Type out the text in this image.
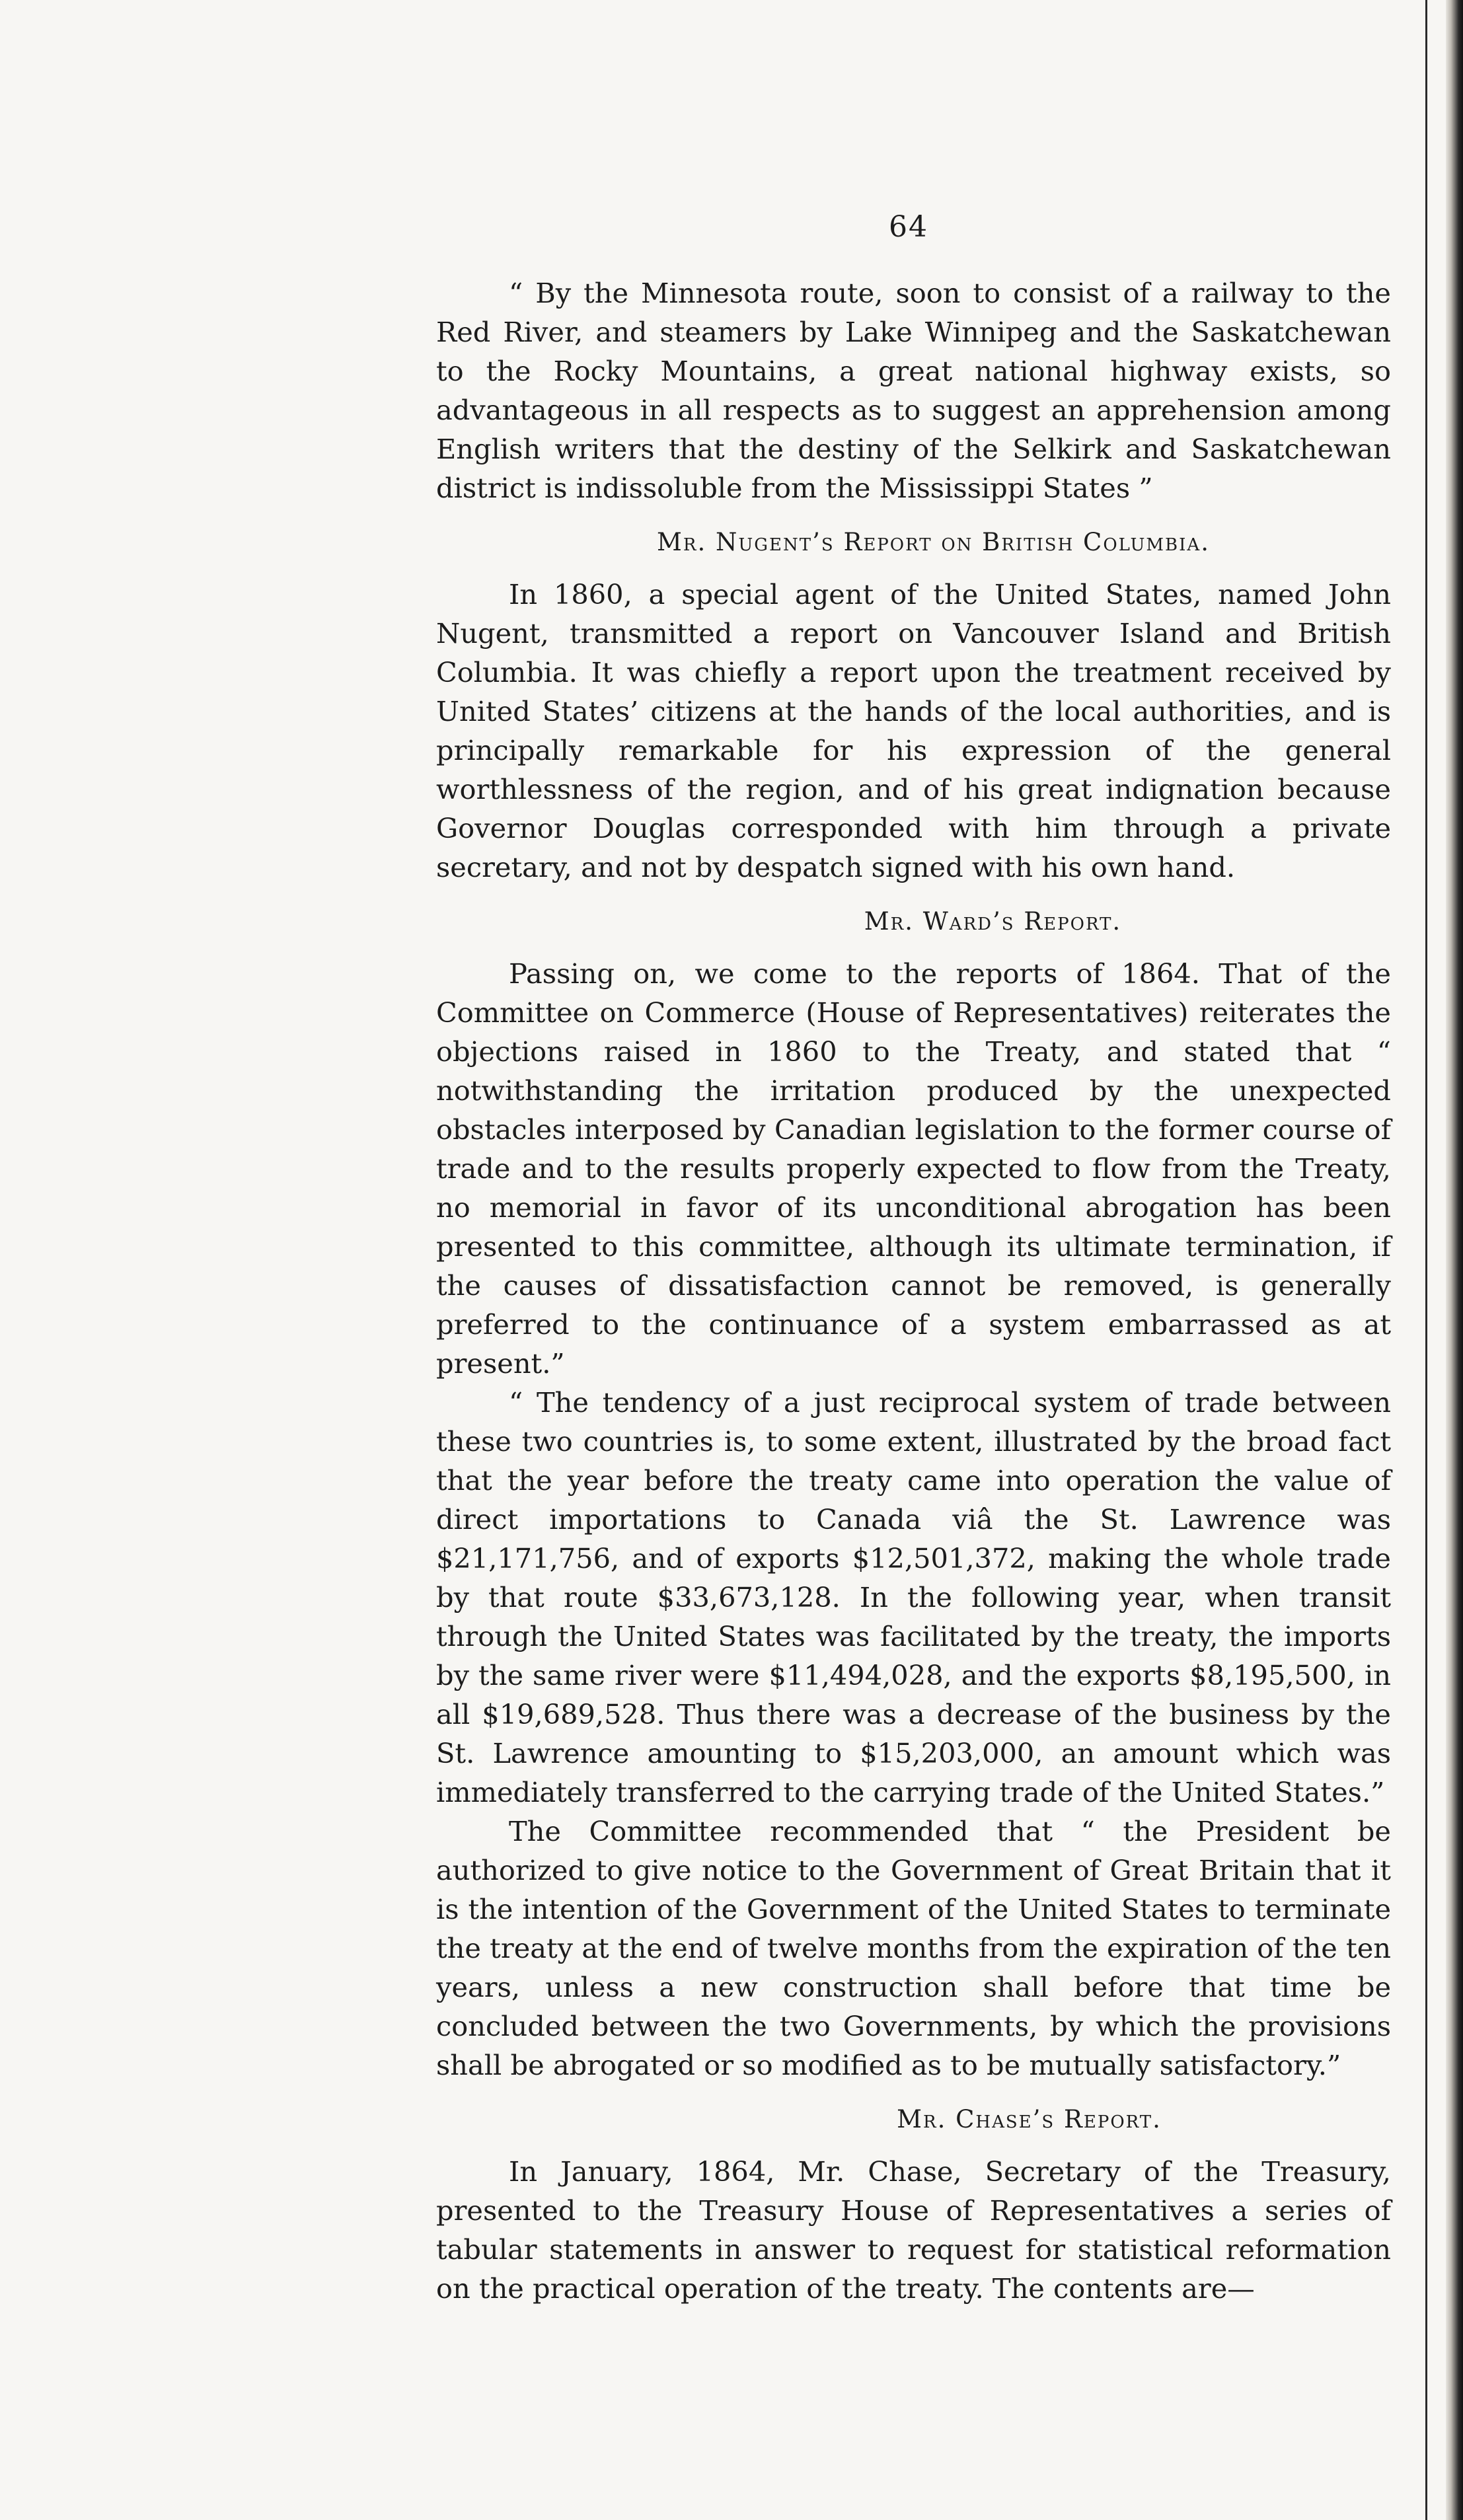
64

“ By the Minnesota route, soon to consist of a railway to the Red River, and steamers by Lake Winnipeg and the Saskatchewan to the Rocky Mountains, a great national highway exists, so advantageous in all respects as to suggest an apprehension among English writers that the destiny of the Selkirk and Saskatchewan district is indissoluble from the Mississippi States ”

Mr. Nugent’s Report on British Columbia.

In 1860, a special agent of the United States, named John Nugent, transmitted a report on Vancouver Island and British Columbia. It was chiefly a report upon the treatment received by United States’ citizens at the hands of the local authorities, and is principally remarkable for his expression of the general worthlessness of the region, and of his great indignation because Governor Douglas corresponded with him through a private secretary, and not by despatch signed with his own hand.

Mr. Ward’s Report.

Passing on, we come to the reports of 1864. That of the Committee on Commerce (House of Representatives) reiterates the objections raised in 1860 to the Treaty, and stated that “ notwithstanding the irritation produced by the unexpected obstacles interposed by Canadian legislation to the former course of trade and to the results properly expected to flow from the Treaty, no memorial in favor of its unconditional abrogation has been presented to this committee, although its ultimate termination, if the causes of dissatisfaction cannot be removed, is generally preferred to the continuance of a system embarrassed as at present.”

“ The tendency of a just reciprocal system of trade between these two countries is, to some extent, illustrated by the broad fact that the year before the treaty came into operation the value of direct importations to Canada viâ the St. Lawrence was $21,171,756, and of exports $12,501,372, making the whole trade by that route $33,673,128. In the following year, when transit through the United States was facilitated by the treaty, the imports by the same river were $11,494,028, and the exports $8,195,500, in all $19,689,528. Thus there was a decrease of the business by the St. Lawrence amounting to $15,203,000, an amount which was immediately transferred to the carrying trade of the United States.”

The Committee recommended that “ the President be authorized to give notice to the Government of Great Britain that it is the intention of the Government of the United States to terminate the treaty at the end of twelve months from the expiration of the ten years, unless a new construction shall before that time be concluded between the two Governments, by which the provisions shall be abrogated or so modified as to be mutually satisfactory.”

Mr. Chase’s Report.

In January, 1864, Mr. Chase, Secretary of the Treasury, presented to the Treasury House of Representatives a series of tabular statements in answer to request for statistical reformation on the practical operation of the treaty. The contents are—
